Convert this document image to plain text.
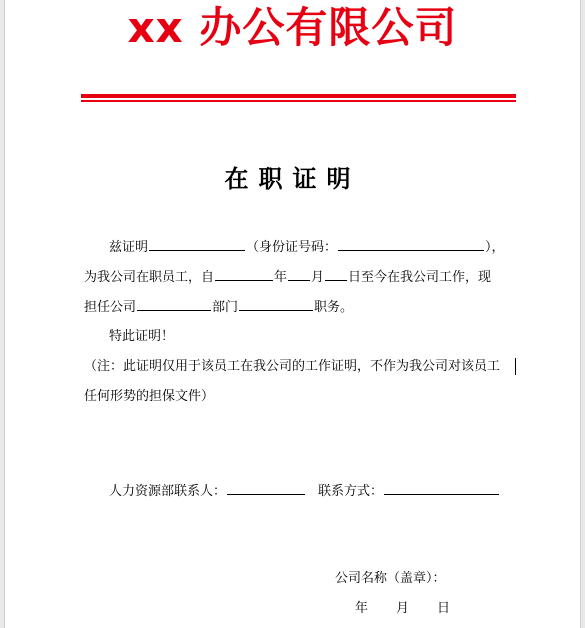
xx 办公有限公司
在职证明
兹证明	（身份证号码：	），
为我公司在职员工，自	年 月 日至今在我公司工作，现
担任公司	部门	职务。
特此证明！
（注：此证明仅用于该员工在我公司的工作证明，不作为我公司对该员工
任何形势的担保文件）
人力资源部联系人：	联系方式：
公司名称（盖章）：
年 月 日
